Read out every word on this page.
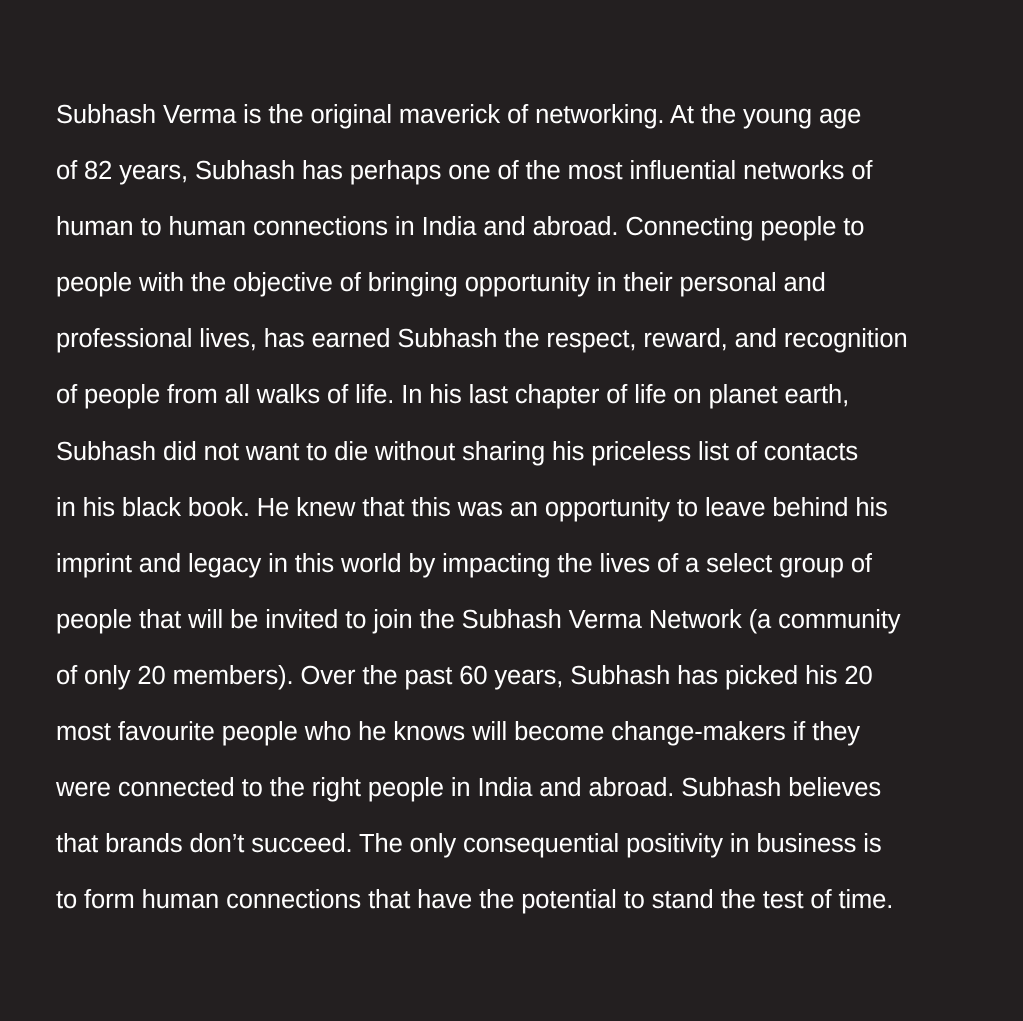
Subhash Verma is the original maverick of networking. At the young age
of 82 years, Subhash has perhaps one of the most influential networks of
human to human connections in India and abroad. Connecting people to
people with the objective of bringing opportunity in their personal and
professional lives, has earned Subhash the respect, reward, and recognition
of people from all walks of life. In his last chapter of life on planet earth,
Subhash did not want to die without sharing his priceless list of contacts
in his black book. He knew that this was an opportunity to leave behind his
imprint and legacy in this world by impacting the lives of a select group of
people that will be invited to join the Subhash Verma Network (a community
of only 20 members). Over the past 60 years, Subhash has picked his 20
most favourite people who he knows will become change-makers if they
were connected to the right people in India and abroad. Subhash believes
that brands don’t succeed. The only consequential positivity in business is
to form human connections that have the potential to stand the test of time.
